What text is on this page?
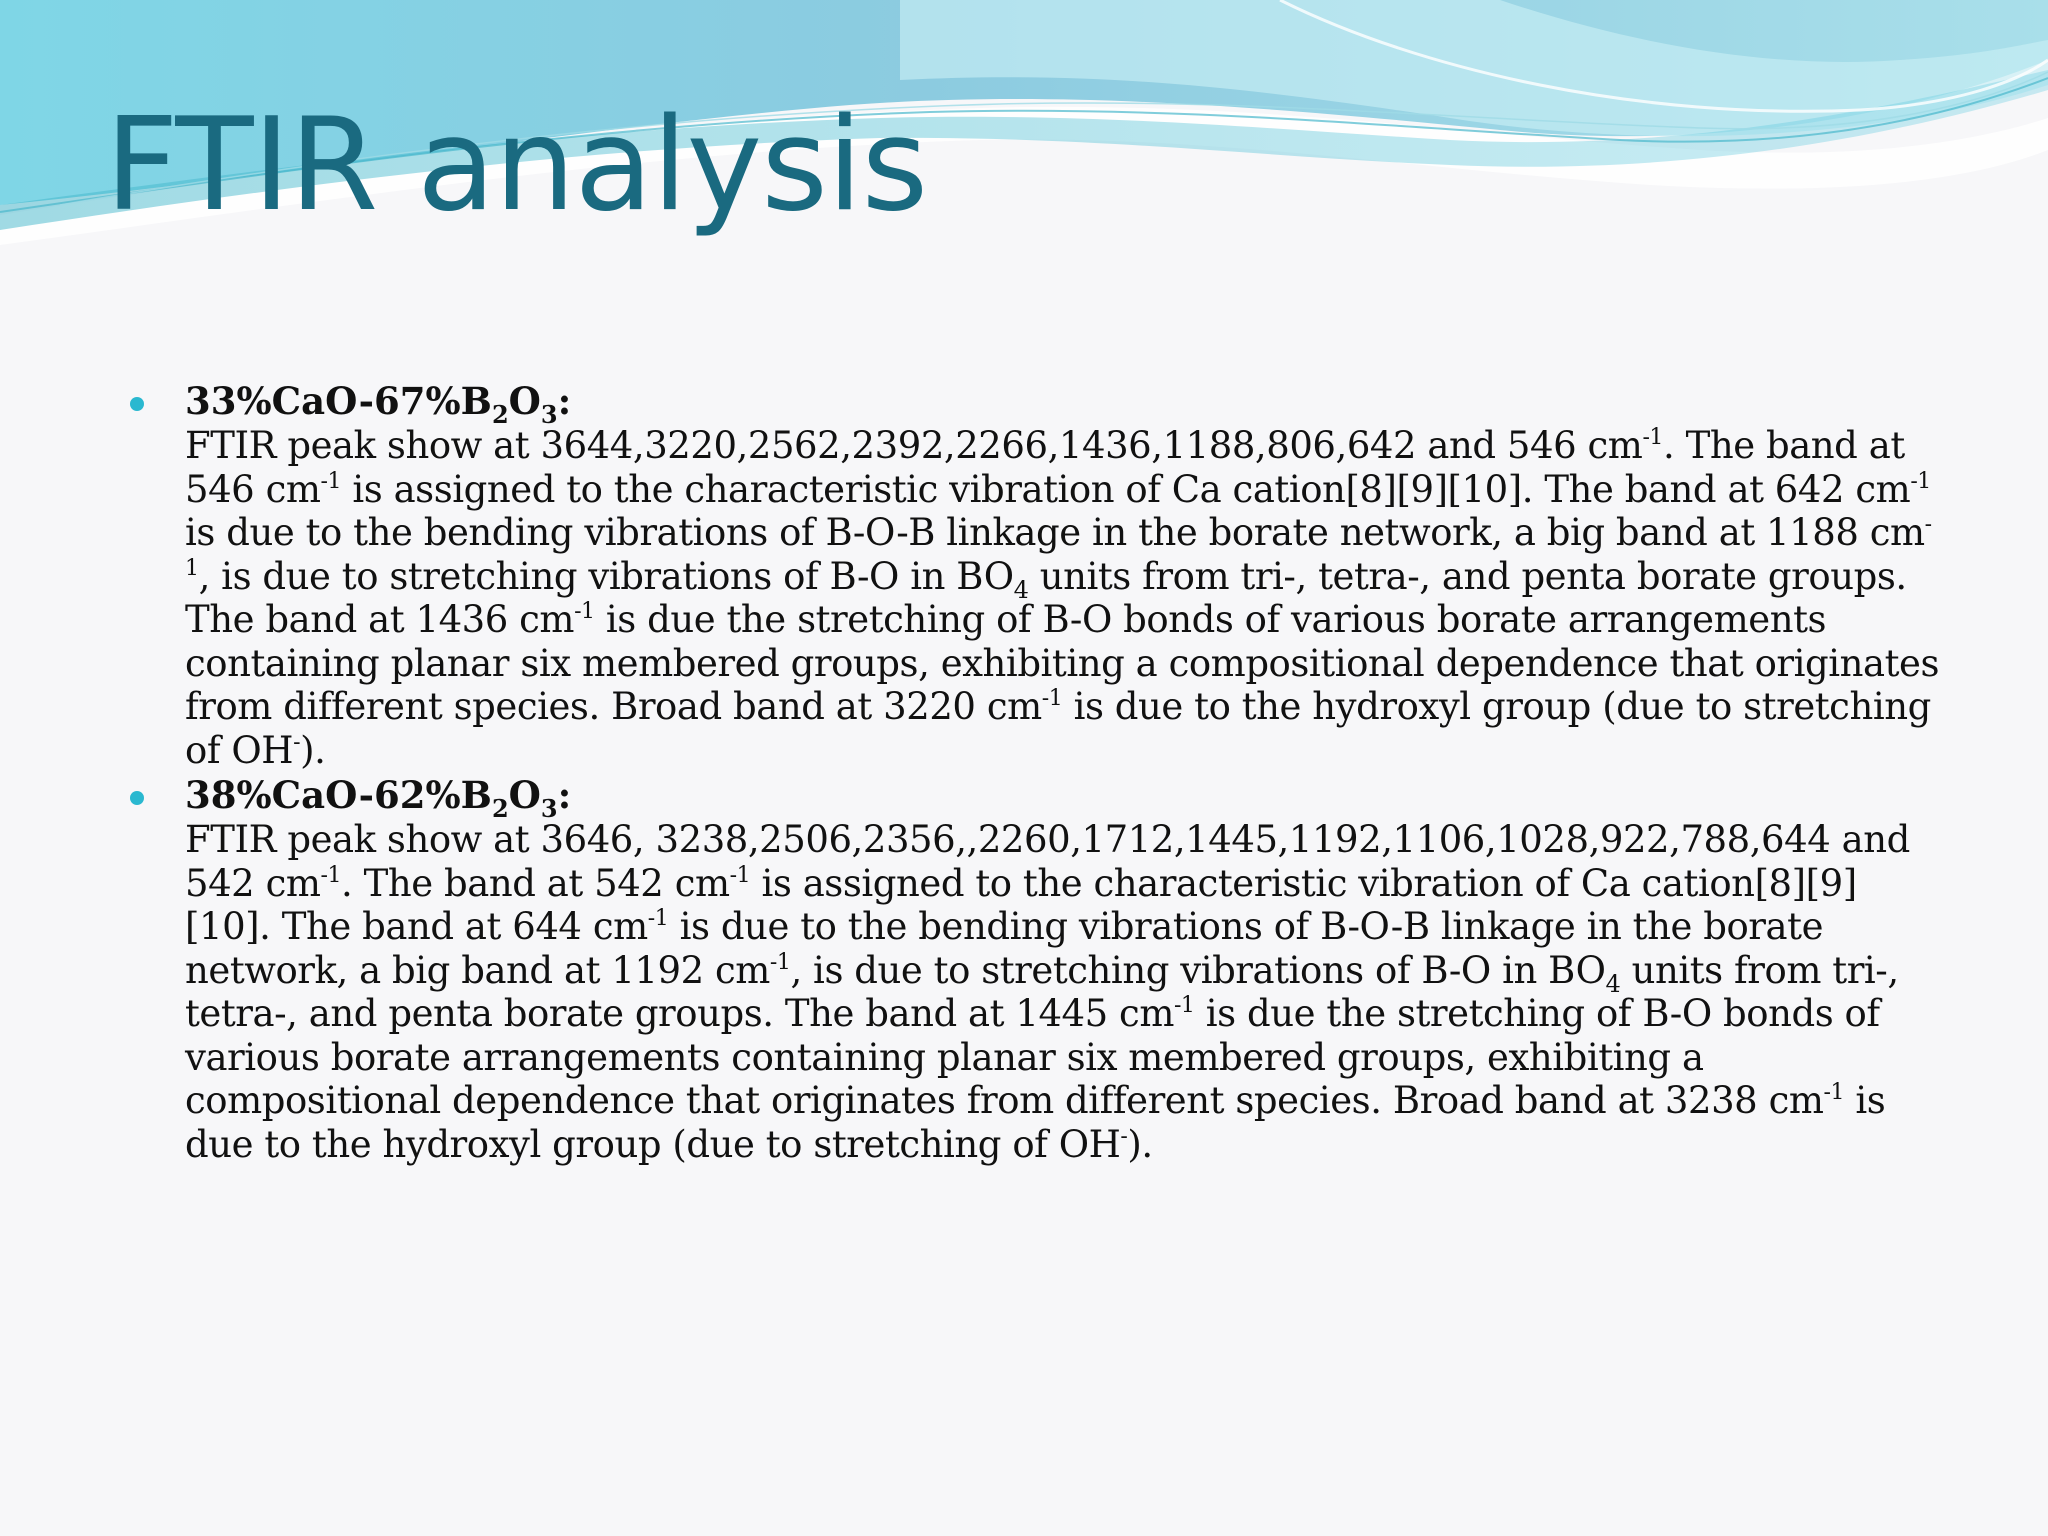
FTIR analysis
$33\%CaO-67\%B_2O_3$:
FTIR peak show at 3644,3220,2562,2392,2266,1436,1188,806,642 and 546 $cm^{-1}$. The band at 546 $cm^{-1}$ is assigned to the characteristic vibration of Ca cation[8][9][10]. The band at 642 $cm^{-1}$ is due to the bending vibrations of B-O-B linkage in the borate network, a big band at 1188 $cm^{-1}$, is due to stretching vibrations of B-O in $BO_4$ units from tri-, tetra-, and penta borate groups. The band at 1436 $cm^{-1}$ is due the stretching of B-O bonds of various borate arrangements containing planar six membered groups, exhibiting a compositional dependence that originates from different species. Broad band at 3220 $cm^{-1}$ is due to the hydroxyl group (due to stretching of OH-).
$38\%CaO-62\%B_2O_3$:
FTIR peak show at 3646, 3238,2506,2356,,2260,1712,1445,1192,1106,1028,922,788,644 and 542 $cm^{-1}$. The band at 542 $cm^{-1}$ is assigned to the characteristic vibration of Ca cation[8][9][10]. The band at 644 $cm^{-1}$ is due to the bending vibrations of B-O-B linkage in the borate network, a big band at 1192 $cm^{-1}$, is due to stretching vibrations of B-O in $BO_4$ units from tri-, tetra-, and penta borate groups. The band at 1445 $cm^{-1}$ is due the stretching of B-O bonds of various borate arrangements containing planar six membered groups, exhibiting a compositional dependence that originates from different species. Broad band at 3238 $cm^{-1}$ is due to the hydroxyl group (due to stretching of OH-).
